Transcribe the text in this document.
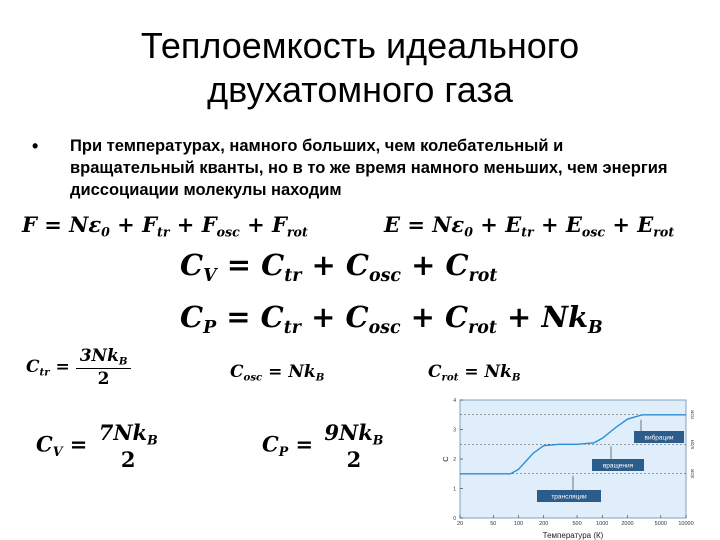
Теплоемкость идеального
двухатомного газа
• При температурах, намного больших, чем колебательный и вращательный кванты, но в то же время намного меньших, чем энергия диссоциации молекулы находим
$F = N\varepsilon_0 + F_{tr} + F_{osc} + F_{rot}$	$E = N\varepsilon_0 + E_{tr} + E_{osc} + E_{rot}$
$C_V = C_{tr} + C_{osc} + C_{rot}$
$C_P = C_{tr} + C_{osc} + C_{rot} + Nk_B$
$C_{tr} = \frac{3Nk_B}{2}$	$C_{osc} = Nk_B$	$C_{rot} = Nk_B$
$C_V = 7Nk_B$
2
$C_P = 9Nk_B$
2
0
1
2
3
4
20	50	100	200	500	1000 2000	5000 10000
3/2R
5/2R
7/2R
трансляции
вращения
вибрации
Температура (К)
C
